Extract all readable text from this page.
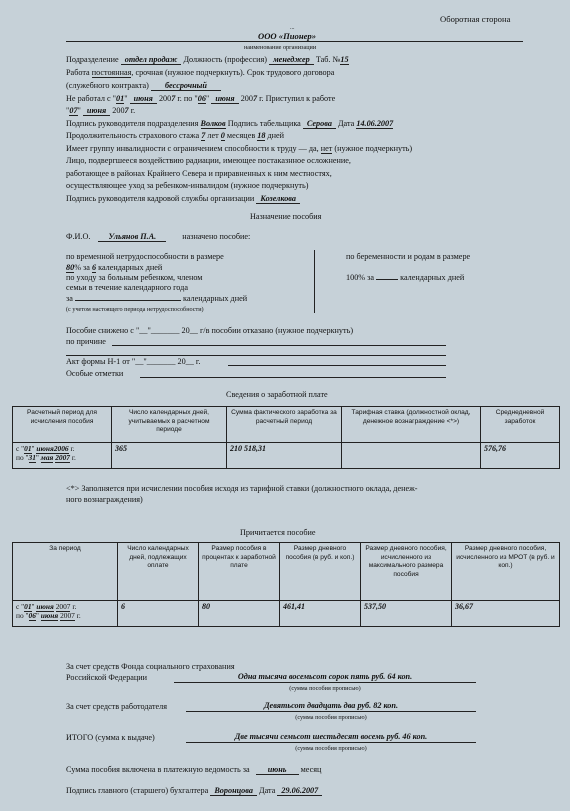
Оборотная сторона
...
ООО «Пионер»
наименование организации
Подразделение отдел продаж Должность (профессия) менеджер Таб. №15
Работа постоянная, срочная (нужное подчеркнуть). Срок трудового договора
(служебного контракта) бессрочный
Не работал с "01" июня 2007 г. по "06" июня 2007 г. Приступил к работе
"07" июня 2007 г.
Подпись руководителя подразделения Волков Подпись табельщика Серова Дата 14.06.2007
Продолжительность страхового стажа 7 лет 0 месяцев 18 дней
Имеет группу инвалидности с ограничением способности к труду — да, нет (нужное подчеркнуть)
Лицо, подвергшееся воздействию радиации, имеющее постаказнное осложнение,
работающее в районах Крайнего Севера и приравненных к ним местностях,
осуществляющее уход за ребенком-инвалидом (нужное подчеркнуть)
Подпись руководителя кадровой службы организации Козелкова
Назначение пособия
Ф.И.О. Ульянов П.А.	назначено пособие:
по временной нетрудоспособности в размере
80% за 6 календарных дней
по уходу за больным ребенком, членом
семьи в течение календарного года
за	календарных дней
(с учетом настоящего периода нетрудоспособности)
по беременности и родам в размере
100% за	календарных дней
Пособие снижено с "__"_______ 20__ г/в пособии отказано (нужное подчеркнуть)
по причине
Акт формы Н-1 от "__"_______ 20__ г.
Особые отметки
Сведения о заработной плате
Расчетный период для исчисления пособия	Число календарных дней, учитываемых в расчетном периоде	Сумма фактического заработка за расчетный период	Тарифная ставка (должностной оклад, денежное вознаграждение <*>)	Среднедневной заработок
с "01" июня2006 г.
по "31" мая 2007 г.	365	210 518,31		576,76
<*> Заполняется при исчислении пособия исходя из тарифной ставки (должностного оклада, денеж-
ного вознаграждения)
Причитается пособие
За период	Число календарных дней, подлежащих оплате	Размер пособия в процентах к заработной плате	Размер дневного пособия (в руб. и коп.)	Размер дневного пособия, исчисленного из максимального размера пособия	Размер дневного пособия, исчисленного из МРОТ (в руб. и коп.)
с "01" июня 2007 г.
по "06" июня 2007 г.	6	80	461,41	537,50	36,67
За счет средств Фонда социального страхования
Российской Федерации	Одна тысяча восемьсот сорок пять руб. 64 коп.
(сумма пособия прописью)
За счет средств работодателя	Девятьсот двадцать два руб. 82 коп.
(сумма пособия прописью)
ИТОГО (сумма к выдаче)	Две тысячи семьсот шестьдесят восемь руб. 46 коп.
(сумма пособия прописью)
Сумма пособия включена в платежную ведомость за июнь месяц
Подпись главного (старшего) бухгалтера Воронцова Дата 29.06.2007
